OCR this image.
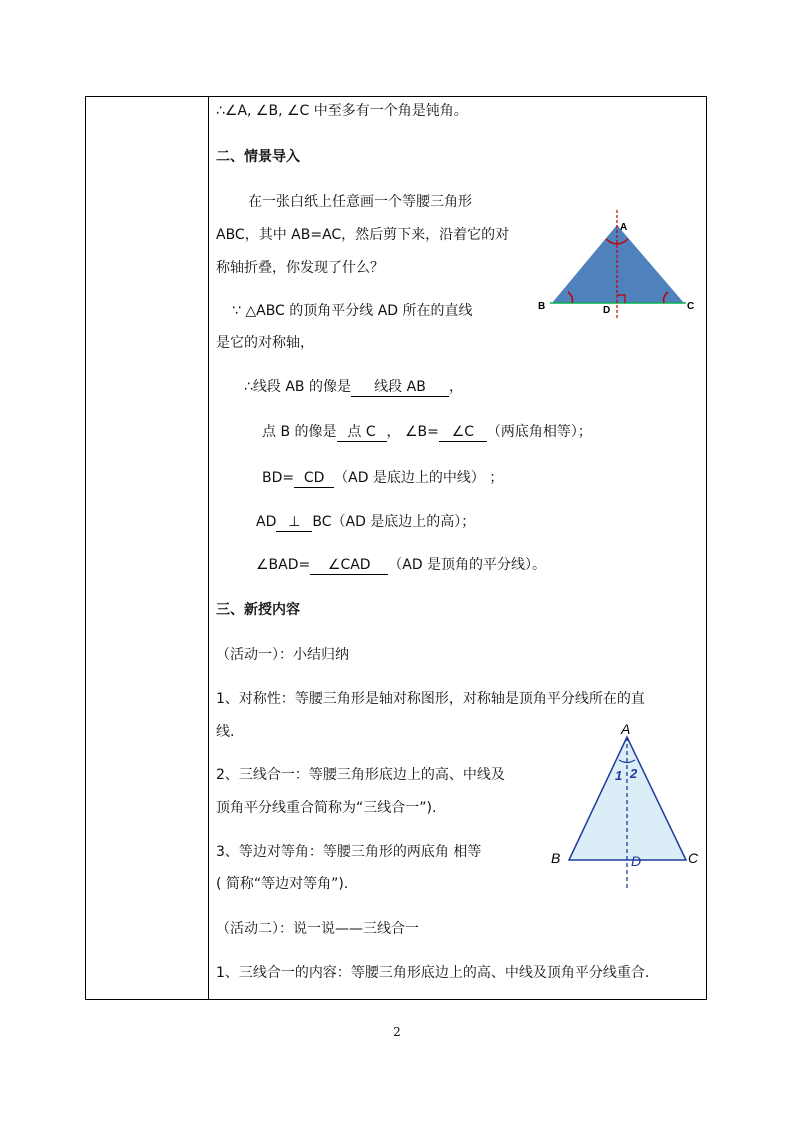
∴∠A, ∠B, ∠C 中至多有一个角是钝角。
二、情景导入
在一张白纸上任意画一个等腰三角形
ABC，其中 AB=AC，然后剪下来，沿着它的对
称轴折叠，你发现了什么？
∵ △ABC 的顶角平分线 AD 所在的直线
是它的对称轴，
∴线段 AB 的像是 线段 AB ，
点 B 的像是 点 C ， ∠B= ∠C （两底角相等）；
BD= CD （AD 是底边上的中线） ；
AD ⊥ BC（AD 是底边上的高）；
∠BAD= ∠CAD （AD 是顶角的平分线）。
三、新授内容
（活动一）：小结归纳
1、对称性：等腰三角形是轴对称图形，对称轴是顶角平分线所在的直
线.
2、三线合一：等腰三角形底边上的高、中线及
顶角平分线重合简称为“三线合一”).
3、等边对等角：等腰三角形的两底角 相等
( 简称“等边对等角”).
（活动二）：说一说——三线合一
1、三线合一的内容：等腰三角形底边上的高、中线及顶角平分线重合.
A
B	C
D
A
B	C
D
1 2
2
